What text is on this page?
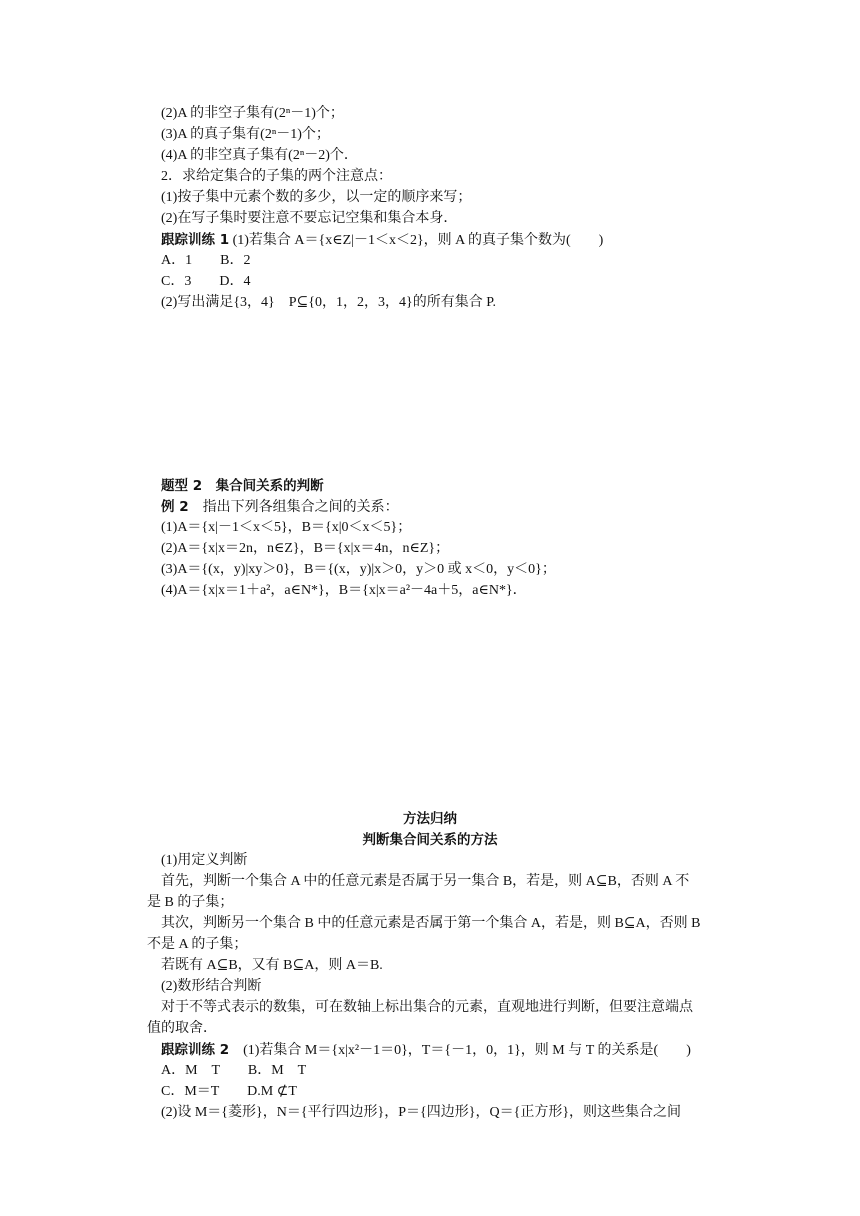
(2)A 的非空子集有(2ⁿ－1)个；
(3)A 的真子集有(2ⁿ－1)个；
(4)A 的非空真子集有(2ⁿ－2)个．
2．求给定集合的子集的两个注意点：
(1)按子集中元素个数的多少，以一定的顺序来写；
(2)在写子集时要注意不要忘记空集和集合本身．
跟踪训练 1 (1)若集合 A＝{x∈Z|－1＜x＜2}，则 A 的真子集个数为(　　)
A．1　　B．2
C．3　　D．4
(2)写出满足{3，4}　P⊆{0，1，2，3，4}的所有集合 P.
题型 2　集合间关系的判断
例 2　指出下列各组集合之间的关系：
(1)A＝{x|－1＜x＜5}，B＝{x|0＜x＜5}；
(2)A＝{x|x＝2n，n∈Z}，B＝{x|x＝4n，n∈Z}；
(3)A＝{(x，y)|xy＞0}，B＝{(x，y)|x＞0，y＞0 或 x＜0，y＜0}；
(4)A＝{x|x＝1＋a²，a∈N*}，B＝{x|x＝a²－4a＋5，a∈N*}．
方法归纳
判断集合间关系的方法
(1)用定义判断
首先，判断一个集合 A 中的任意元素是否属于另一集合 B，若是，则 A⊆B，否则 A 不
是 B 的子集；
其次，判断另一个集合 B 中的任意元素是否属于第一个集合 A，若是，则 B⊆A，否则 B
不是 A 的子集；
若既有 A⊆B，又有 B⊆A，则 A＝B.
(2)数形结合判断
对于不等式表示的数集，可在数轴上标出集合的元素，直观地进行判断，但要注意端点
值的取舍．
跟踪训练 2　(1)若集合 M＝{x|x²－1＝0}，T＝{－1，0，1}，则 M 与 T 的关系是(　　)
A．M　T　　B．M　T
C．M＝T　　D.M ⊄T
(2)设 M＝{菱形}，N＝{平行四边形}，P＝{四边形}，Q＝{正方形}，则这些集合之间
